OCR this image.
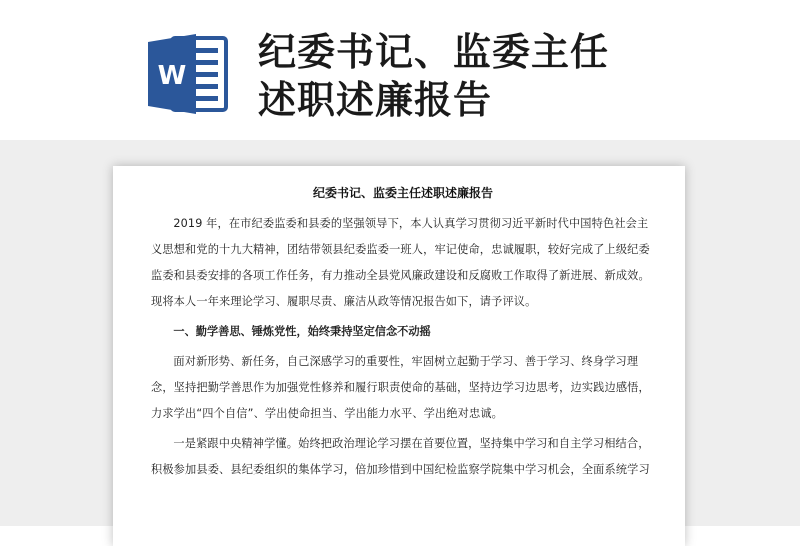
W
纪委书记、监委主任
述职述廉报告

纪委书记、监委主任述职述廉报告

2019 年，在市纪委监委和县委的坚强领导下，本人认真学习贯彻习近平新时代中国特色社会主义思想和党的十九大精神，团结带领县纪委监委一班人，牢记使命，忠诚履职，较好完成了上级纪委监委和县委安排的各项工作任务，有力推动全县党风廉政建设和反腐败工作取得了新进展、新成效。现将本人一年来理论学习、履职尽责、廉洁从政等情况报告如下，请予评议。

一、勤学善思、锤炼党性，始终秉持坚定信念不动摇

面对新形势、新任务，自己深感学习的重要性，牢固树立起勤于学习、善于学习、终身学习理念，坚持把勤学善思作为加强党性修养和履行职责使命的基础，坚持边学习边思考，边实践边感悟，力求学出“四个自信”、学出使命担当、学出能力水平、学出绝对忠诚。

一是紧跟中央精神学懂。始终把政治理论学习摆在首要位置，坚持集中学习和自主学习相结合，积极参加县委、县纪委组织的集体学习，倍加珍惜到中国纪检监察学院集中学习机会，全面系统学习
